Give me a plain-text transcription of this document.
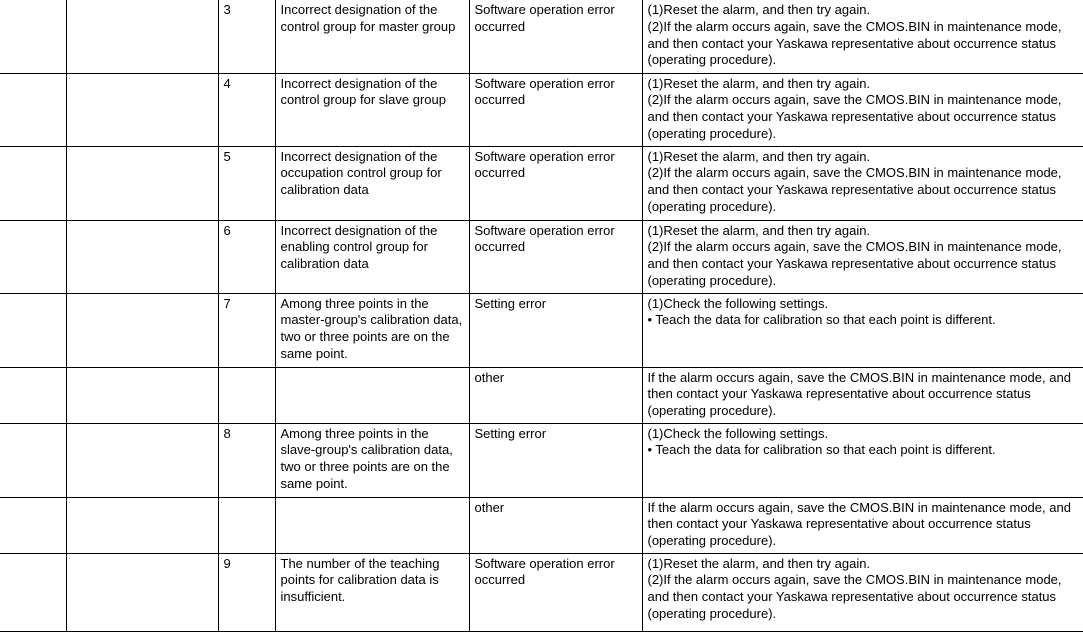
		3	Incorrect designation of the control group for master group	Software operation error occurred	(1)Reset the alarm, and then try again.
(2)If the alarm occurs again, save the CMOS.BIN in maintenance mode, and then contact your Yaskawa representative about occurrence status (operating procedure).

		4	Incorrect designation of the control group for slave group	Software operation error occurred	(1)Reset the alarm, and then try again.
(2)If the alarm occurs again, save the CMOS.BIN in maintenance mode, and then contact your Yaskawa representative about occurrence status (operating procedure).

		5	Incorrect designation of the occupation control group for calibration data	Software operation error occurred	(1)Reset the alarm, and then try again.
(2)If the alarm occurs again, save the CMOS.BIN in maintenance mode, and then contact your Yaskawa representative about occurrence status (operating procedure).

		6	Incorrect designation of the enabling control group for calibration data	Software operation error occurred	(1)Reset the alarm, and then try again.
(2)If the alarm occurs again, save the CMOS.BIN in maintenance mode, and then contact your Yaskawa representative about occurrence status (operating procedure).

		7	Among three points in the master-group's calibration data, two or three points are on the same point.	Setting error	(1)Check the following settings.
• Teach the data for calibration so that each point is different.

				other	If the alarm occurs again, save the CMOS.BIN in maintenance mode, and then contact your Yaskawa representative about occurrence status (operating procedure).

		8	Among three points in the slave-group's calibration data, two or three points are on the same point.	Setting error	(1)Check the following settings.
• Teach the data for calibration so that each point is different.

				other	If the alarm occurs again, save the CMOS.BIN in maintenance mode, and then contact your Yaskawa representative about occurrence status (operating procedure).

		9	The number of the teaching points for calibration data is insufficient.	Software operation error occurred	(1)Reset the alarm, and then try again.
(2)If the alarm occurs again, save the CMOS.BIN in maintenance mode, and then contact your Yaskawa representative about occurrence status (operating procedure).
